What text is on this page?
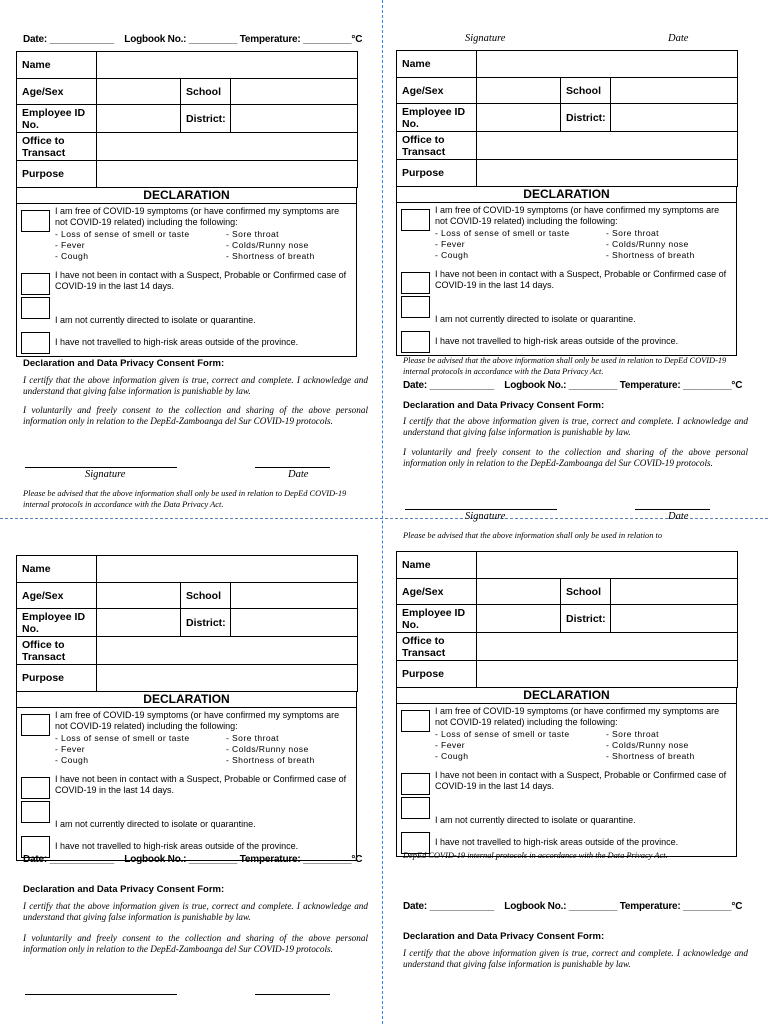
Date: ____________ Logbook No.: _________ Temperature: _________°C
Name			
Age/Sex		School	
Employee ID No.		District:	
Office to Transact			
Purpose			
DECLARATION
I am free of COVID-19 symptoms (or have confirmed my symptoms are not COVID-19 related) including the following:
- Loss of sense of smell or taste	- Sore throat
- Fever	- Colds/Runny nose
- Cough	- Shortness of breath
I have not been in contact with a Suspect, Probable or Confirmed case of COVID-19 in the last 14 days.
I am not currently directed to isolate or quarantine.
I have not travelled to high-risk areas outside of the province.
Declaration and Data Privacy Consent Form:
I certify that the above information given is true, correct and complete. I acknowledge and understand that giving false information is punishable by law.
I voluntarily and freely consent to the collection and sharing of the above personal information only in relation to the DepEd-Zamboanga del Sur COVID-19 protocols.
Signature	Date
Please be advised that the above information shall only be used in relation to DepEd COVID-19 internal protocols in accordance with the Data Privacy Act.
Signature	Date
Name			
Age/Sex		School	
Employee ID No.		District:	
Office to Transact			
Purpose			
DECLARATION
I am free of COVID-19 symptoms (or have confirmed my symptoms are not COVID-19 related) including the following:
- Loss of sense of smell or taste	- Sore throat
- Fever	- Colds/Runny nose
- Cough	- Shortness of breath
I have not been in contact with a Suspect, Probable or Confirmed case of COVID-19 in the last 14 days.
I am not currently directed to isolate or quarantine.
I have not travelled to high-risk areas outside of the province.
Please be advised that the above information shall only be used in relation to DepEd COVID-19 internal protocols in accordance with the Data Privacy Act.
Date: ____________ Logbook No.: _________ Temperature: _________°C
Declaration and Data Privacy Consent Form:
I certify that the above information given is true, correct and complete. I acknowledge and understand that giving false information is punishable by law.
I voluntarily and freely consent to the collection and sharing of the above personal information only in relation to the DepEd-Zamboanga del Sur COVID-19 protocols.
Signature	Date
Please be advised that the above information shall only be used in relation to
Name			
Age/Sex		School	
Employee ID No.		District:	
Office to Transact			
Purpose			
DECLARATION
I am free of COVID-19 symptoms (or have confirmed my symptoms are not COVID-19 related) including the following:
- Loss of sense of smell or taste	- Sore throat
- Fever	- Colds/Runny nose
- Cough	- Shortness of breath
I have not been in contact with a Suspect, Probable or Confirmed case of COVID-19 in the last 14 days.
I am not currently directed to isolate or quarantine.
I have not travelled to high-risk areas outside of the province.
Date: ____________ Logbook No.: _________ Temperature: _________°C
Declaration and Data Privacy Consent Form:
I certify that the above information given is true, correct and complete. I acknowledge and understand that giving false information is punishable by law.
I voluntarily and freely consent to the collection and sharing of the above personal information only in relation to the DepEd-Zamboanga del Sur COVID-19 protocols.
Name			
Age/Sex		School	
Employee ID No.		District:	
Office to Transact			
Purpose			
DECLARATION
I am free of COVID-19 symptoms (or have confirmed my symptoms are not COVID-19 related) including the following:
- Loss of sense of smell or taste	- Sore throat
- Fever	- Colds/Runny nose
- Cough	- Shortness of breath
I have not been in contact with a Suspect, Probable or Confirmed case of COVID-19 in the last 14 days.
I am not currently directed to isolate or quarantine.
I have not travelled to high-risk areas outside of the province.
DepEd COVID-19 internal protocols in accordance with the Data Privacy Act.
Date: ____________ Logbook No.: _________ Temperature: _________°C
Declaration and Data Privacy Consent Form:
I certify that the above information given is true, correct and complete. I acknowledge and understand that giving false information is punishable by law.
